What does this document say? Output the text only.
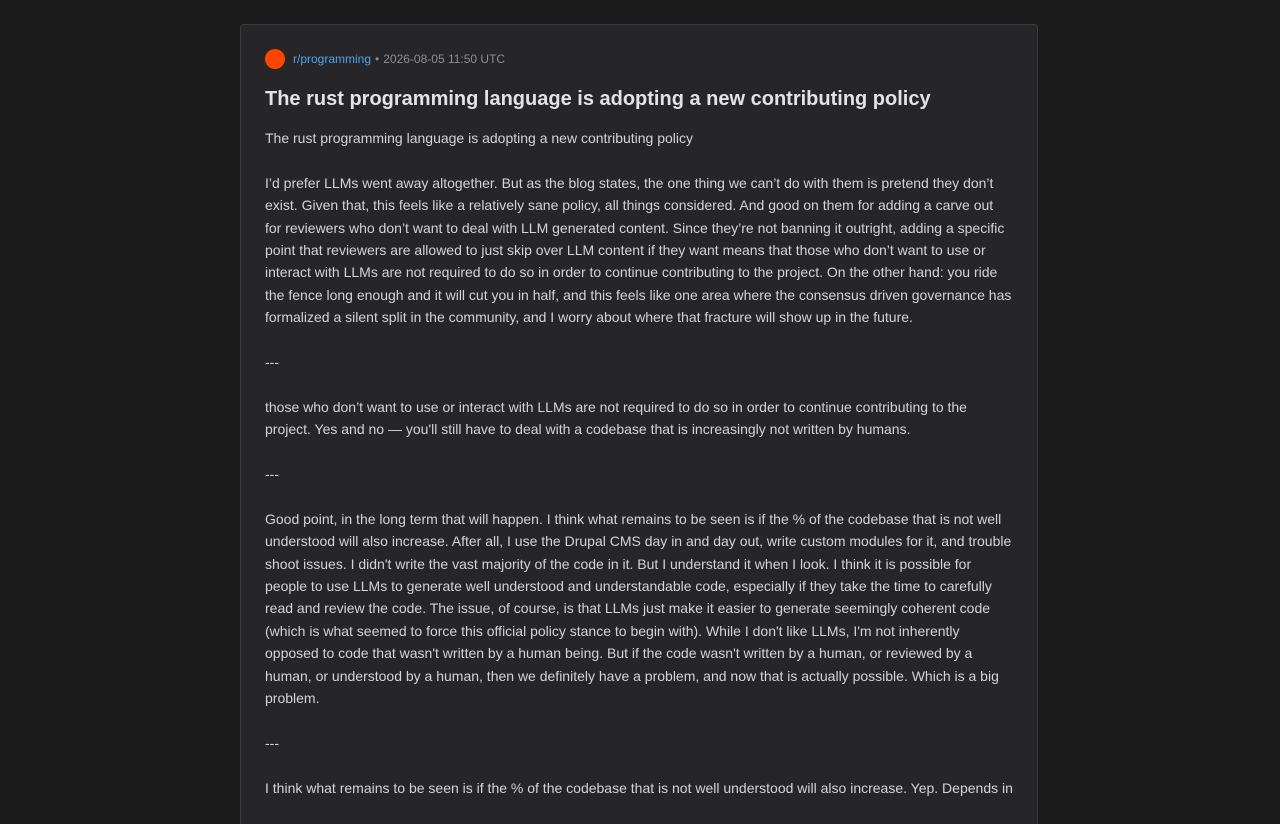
r/programming • 2026-08-05 11:50 UTC
The rust programming language is adopting a new contributing policy

The rust programming language is adopting a new contributing policy

I’d prefer LLMs went away altogether. But as the blog states, the one thing we can’t do with them is pretend they don’t exist. Given that, this feels like a relatively sane policy, all things considered. And good on them for adding a carve out for reviewers who don’t want to deal with LLM generated content. Since they’re not banning it outright, adding a specific point that reviewers are allowed to just skip over LLM content if they want means that those who don’t want to use or interact with LLMs are not required to do so in order to continue contributing to the project. On the other hand: you ride the fence long enough and it will cut you in half, and this feels like one area where the consensus driven governance has formalized a silent split in the community, and I worry about where that fracture will show up in the future.

---

those who don’t want to use or interact with LLMs are not required to do so in order to continue contributing to the project. Yes and no — you'll still have to deal with a codebase that is increasingly not written by humans.

---

Good point, in the long term that will happen. I think what remains to be seen is if the % of the codebase that is not well understood will also increase. After all, I use the Drupal CMS day in and day out, write custom modules for it, and trouble shoot issues. I didn't write the vast majority of the code in it. But I understand it when I look. I think it is possible for people to use LLMs to generate well understood and understandable code, especially if they take the time to carefully read and review the code. The issue, of course, is that LLMs just make it easier to generate seemingly coherent code (which is what seemed to force this official policy stance to begin with). While I don't like LLMs, I'm not inherently opposed to code that wasn't written by a human being. But if the code wasn't written by a human, or reviewed by a human, or understood by a human, then we definitely have a problem, and now that is actually possible. Which is a big problem.

---

I think what remains to be seen is if the % of the codebase that is not well understood will also increase. Yep. Depends in
